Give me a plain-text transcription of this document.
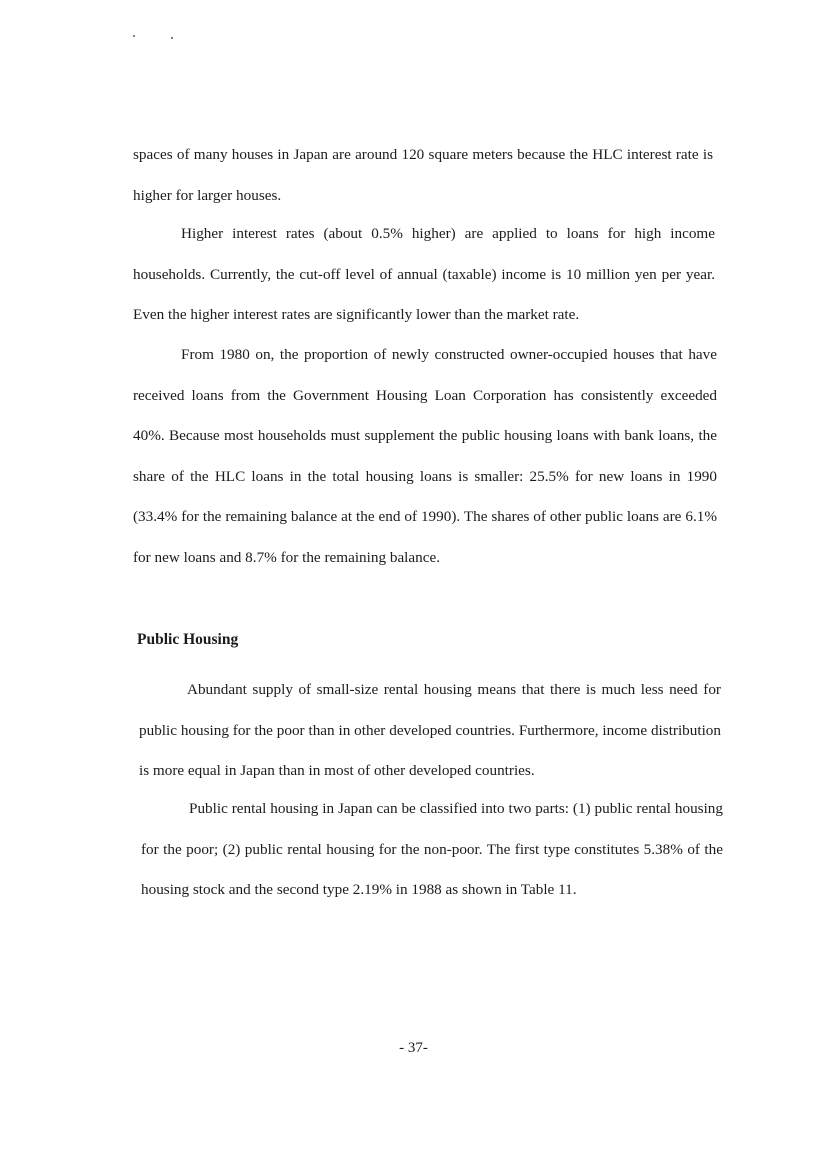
spaces of many houses in Japan are around 120 square meters because the HLC interest rate is higher for larger houses.

Higher interest rates (about 0.5% higher) are applied to loans for high income households. Currently, the cut-off level of annual (taxable) income is 10 million yen per year. Even the higher interest rates are significantly lower than the market rate.

From 1980 on, the proportion of newly constructed owner-occupied houses that have received loans from the Government Housing Loan Corporation has consistently exceeded 40%. Because most households must supplement the public housing loans with bank loans, the share of the HLC loans in the total housing loans is smaller: 25.5% for new loans in 1990 (33.4% for the remaining balance at the end of 1990). The shares of other public loans are 6.1% for new loans and 8.7% for the remaining balance.

Public Housing

Abundant supply of small-size rental housing means that there is much less need for public housing for the poor than in other developed countries. Furthermore, income distribution is more equal in Japan than in most of other developed countries.

Public rental housing in Japan can be classified into two parts: (1) public rental housing for the poor; (2) public rental housing for the non-poor. The first type constitutes 5.38% of the housing stock and the second type 2.19% in 1988 as shown in Table 11.

- 37-
